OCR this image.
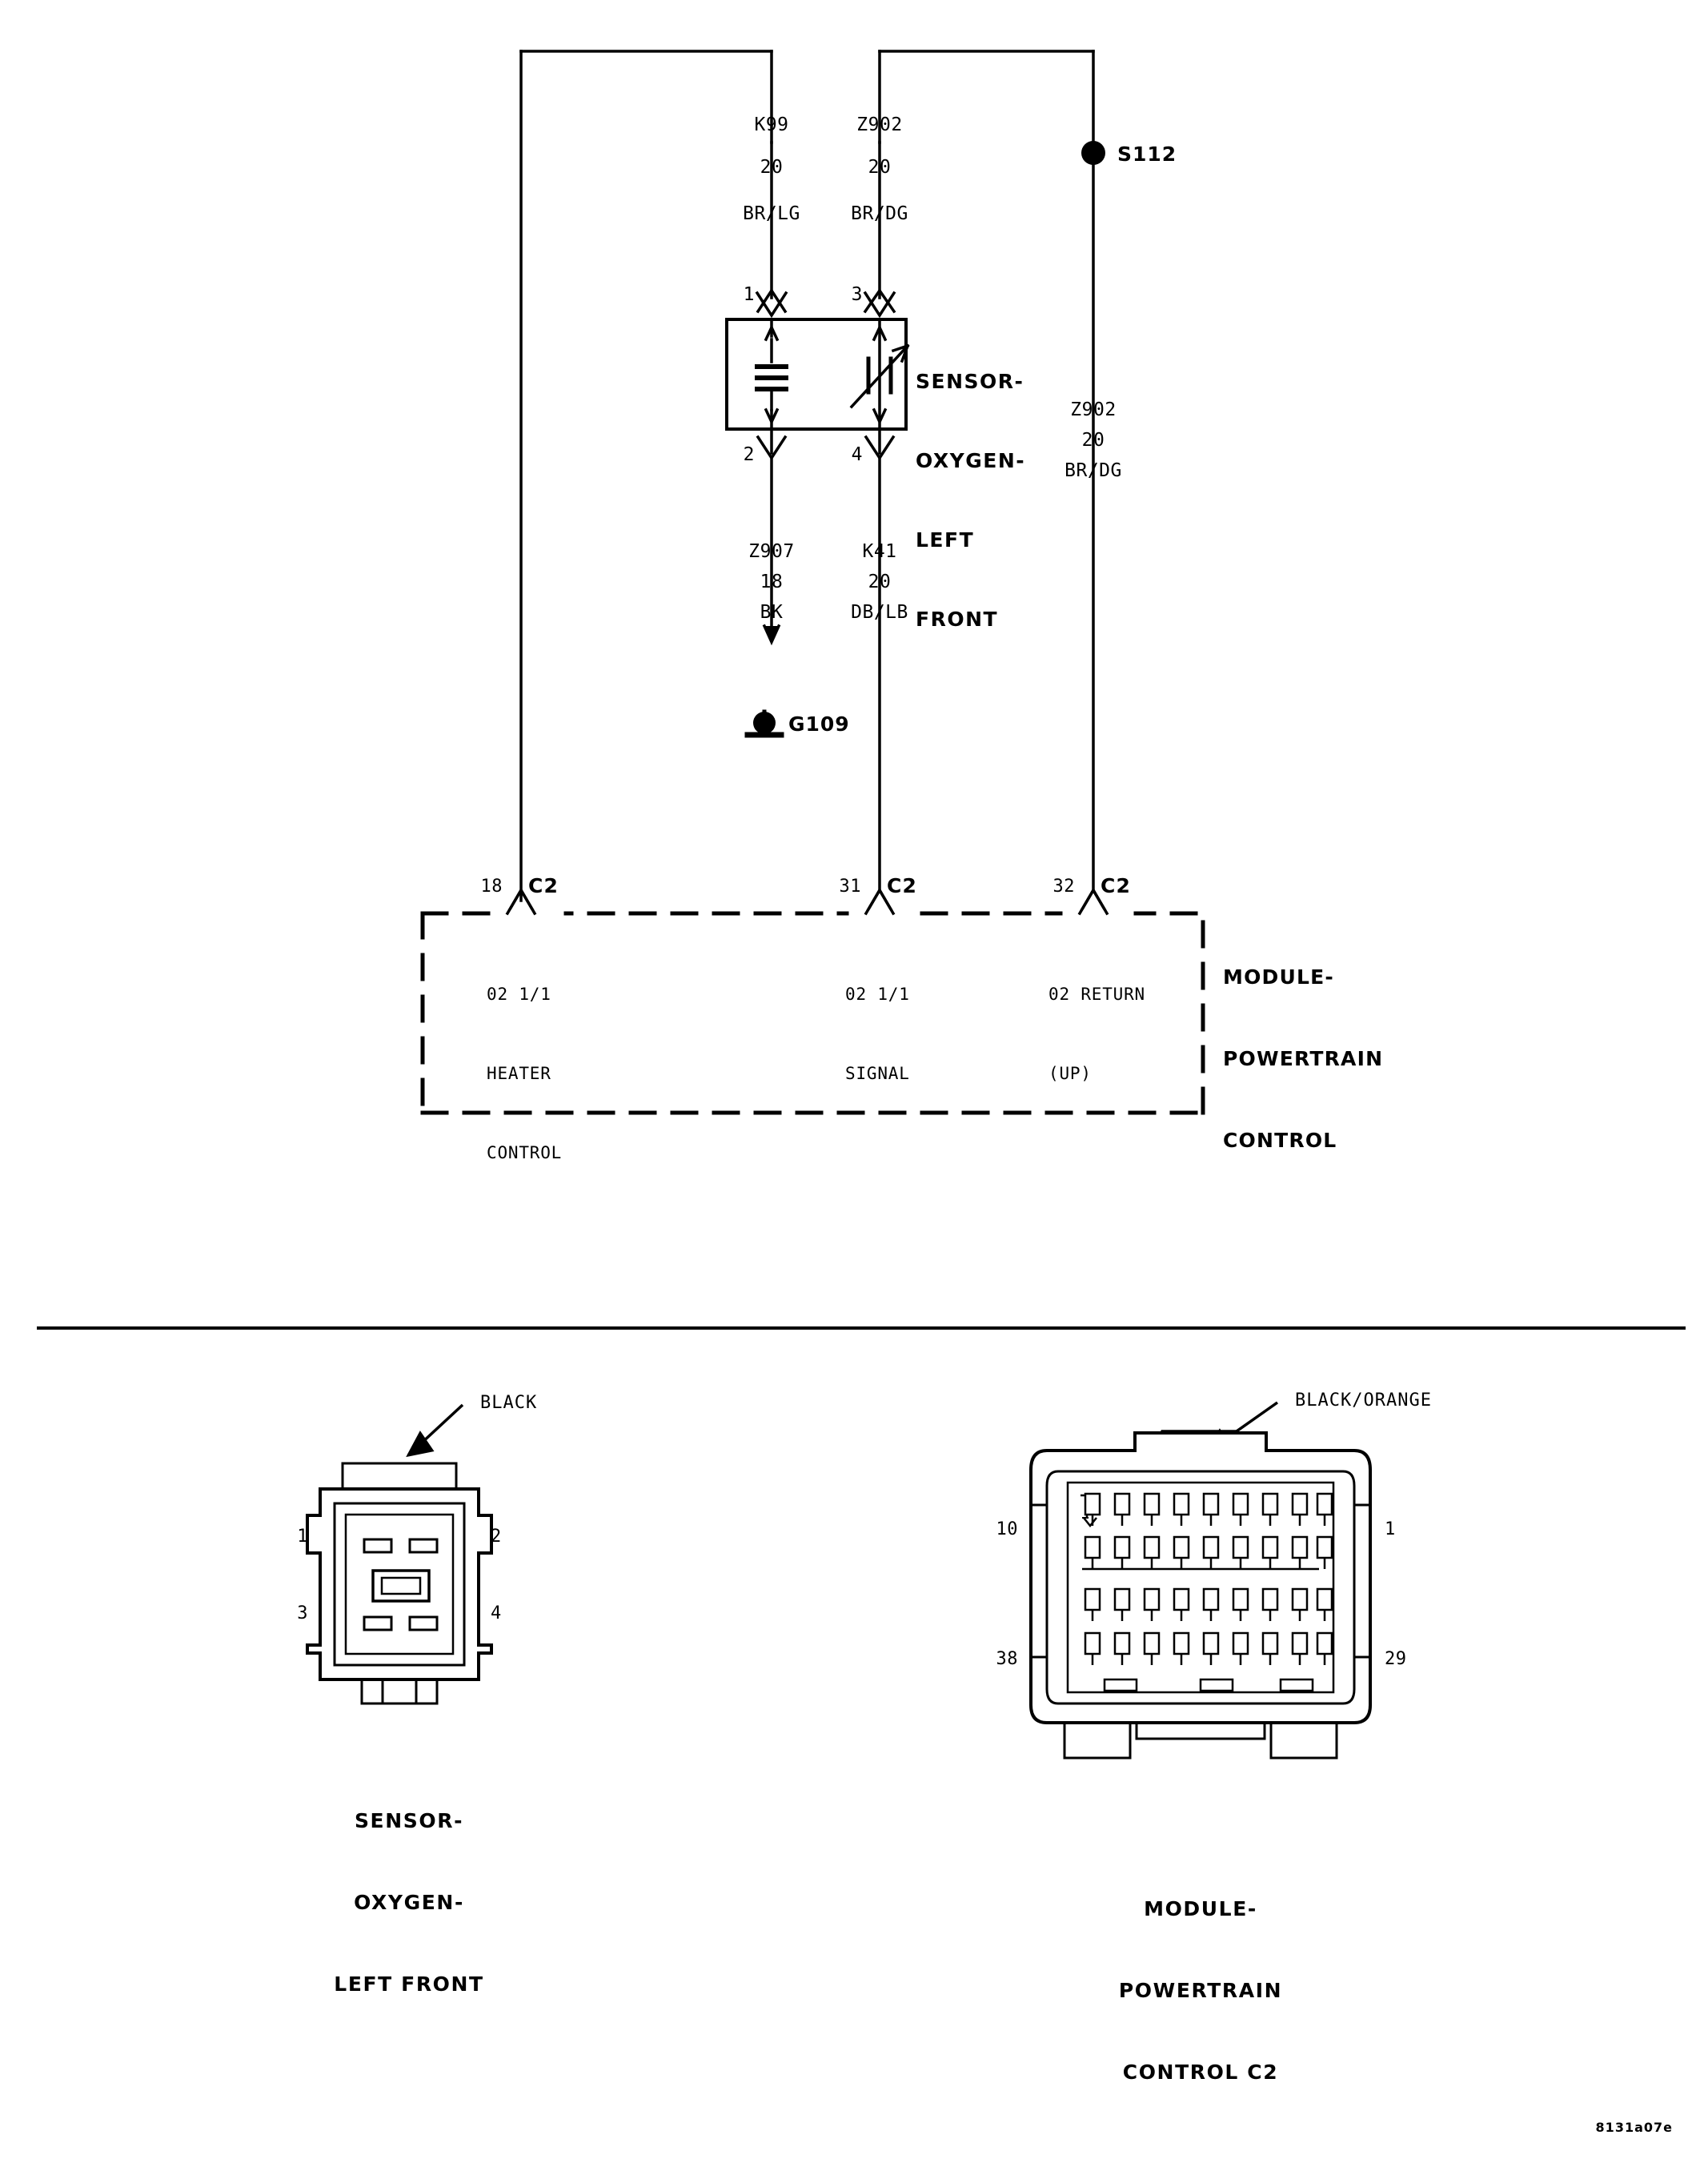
K99
20
BR/LG
Z902
20
BR/DG
S112
Z902
20
BR/DG
1	3
2	4

SENSOR-

OXYGEN-

LEFT

FRONT

Z907
18
BK
K41
20
DB/LB
G109
18 C2	31 C2	32 C2

02 1/1

HEATER

CONTROL

02 1/1

SIGNAL

02 RETURN

(UP)

MODULE-

POWERTRAIN

CONTROL

BLACK
1	2
3	4

SENSOR-

OXYGEN-

LEFT FRONT

BLACK/ORANGE
10	1
38	29

MODULE-

POWERTRAIN

CONTROL C2

8131a07e
